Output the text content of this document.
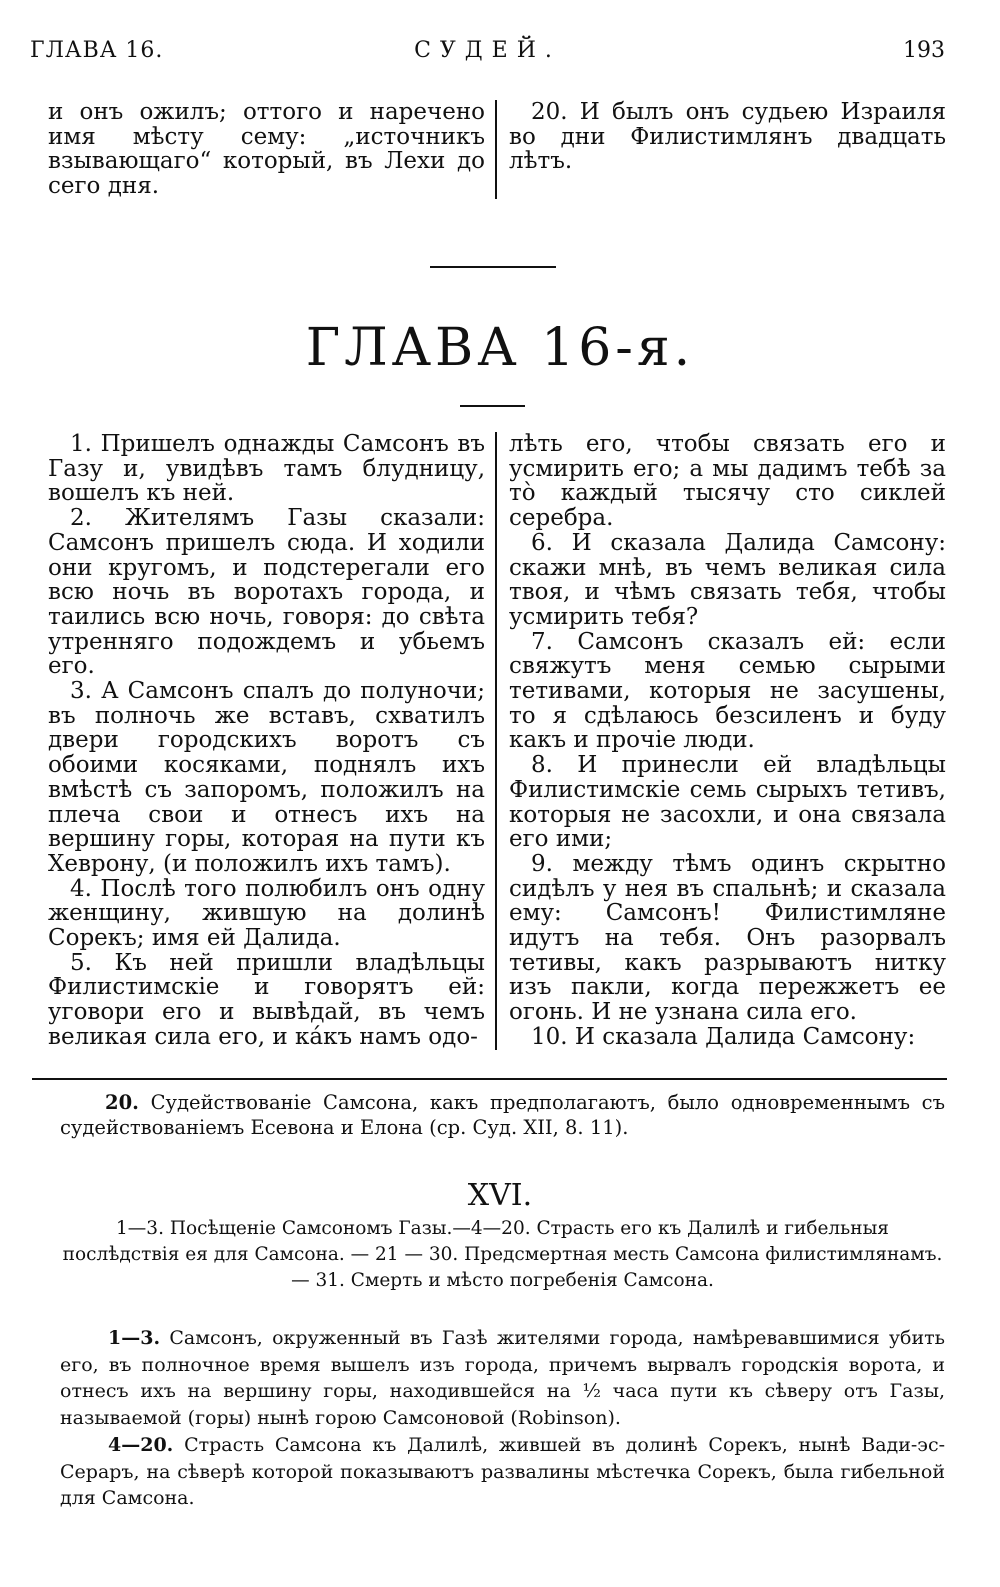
ГЛАВА 16.	СУДЕЙ.	193

и онъ ожилъ; оттого и наречено имя мѣсту сему: „источникъ взывающаго“ который, въ Лехи до сего дня.

20. И былъ онъ судьею Израиля во дни Филистимлянъ двадцать лѣтъ.

ГЛАВА 16-я.

1. Пришелъ однажды Самсонъ въ Газу и, увидѣвъ тамъ блудницу, вошелъ къ ней.

2. Жителямъ Газы сказали: Самсонъ пришелъ сюда. И ходили они кругомъ, и подстерегали его всю ночь въ воротахъ города, и таились всю ночь, говоря: до свѣта утренняго подождемъ и убьемъ его.

3. А Самсонъ спалъ до полуночи; въ полночь же вставъ, схватилъ двери городскихъ воротъ съ обоими косяками, поднялъ ихъ вмѣстѣ съ запоромъ, положилъ на плеча свои и отнесъ ихъ на вершину горы, которая на пути къ Хеврону, (и положилъ ихъ тамъ).

4. Послѣ того полюбилъ онъ одну женщину, жившую на долинѣ Сорекъ; имя ей Далида.

5. Къ ней пришли владѣльцы Филистимскіе и говорятъ ей: уговори его и вывѣдай, въ чемъ великая сила его, и кáкъ намъ одо-

лѣть его, чтобы связать его и усмирить его; а мы дадимъ тебѣ за тò каждый тысячу сто сиклей серебра.

6. И сказала Далида Самсону: скажи мнѣ, въ чемъ великая сила твоя, и чѣмъ связать тебя, чтобы усмирить тебя?

7. Самсонъ сказалъ ей: если свяжутъ меня семью сырыми тетивами, которыя не засушены, то я сдѣлаюсь безсиленъ и буду какъ и прочіе люди.

8. И принесли ей владѣльцы Филистимскіе семь сырыхъ тетивъ, которыя не засохли, и она связала его ими;

9. между тѣмъ одинъ скрытно сидѣлъ у нея въ спальнѣ; и сказала ему: Самсонъ! Филистимляне идутъ на тебя. Онъ разорвалъ тетивы, какъ разрываютъ нитку изъ пакли, когда пережжетъ ее огонь. И не узнана сила его.

10. И сказала Далида Самсону:

20. Судействованіе Самсона, какъ предполагаютъ, было одновременнымъ съ судействованіемъ Есевона и Елона (ср. Суд. XII, 8. 11).
XVI.
1—3. Посѣщеніе Самсономъ Газы.—4—20. Страсть его къ Далилѣ и гибельныя послѣдствія ея для Самсона. — 21 — 30. Предсмертная месть Самсона филистимлянамъ. — 31. Смерть и мѣсто погребенія Самсона.
1—3. Самсонъ, окруженный въ Газѣ жителями города, намѣревавшимися убить его, въ полночное время вышелъ изъ города, причемъ вырвалъ городскія ворота, и отнесъ ихъ на вершину горы, находившейся на ½ часа пути къ сѣверу отъ Газы, называемой (горы) нынѣ горою Самсоновой (Robinson).
4—20. Страсть Самсона къ Далилѣ, жившей въ долинѣ Сорекъ, нынѣ Вади-эс-Сераръ, на сѣверѣ которой показываютъ развалины мѣстечка Сорекъ, была гибельной для Самсона.
